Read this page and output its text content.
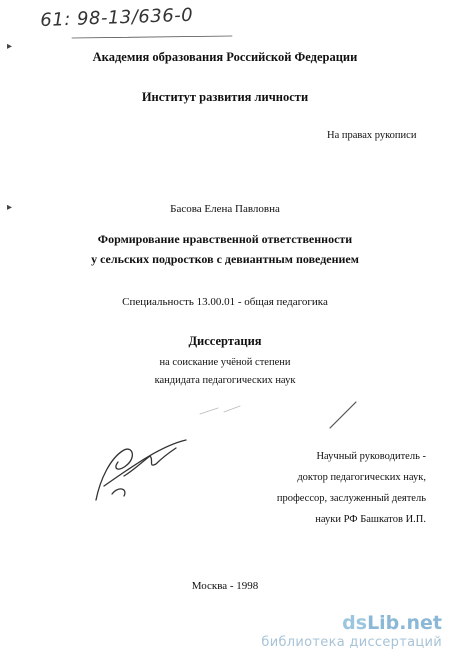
61: 98-13/636-0
▸
▸
Академия образования Российской Федерации
Институт развития личности
На правах рукописи
Басова Елена Павловна
Формирование нравственной ответственности
у сельских подростков с девиантным поведением
Специальность 13.00.01 - общая педагогика
Диссертация
на соискание учёной степени
кандидата педагогических наук
Научный руководитель -
доктор педагогических наук,
профессор, заслуженный деятель
науки РФ Башкатов И.П.
Москва - 1998
dsLib.net
библиотека диссертаций
